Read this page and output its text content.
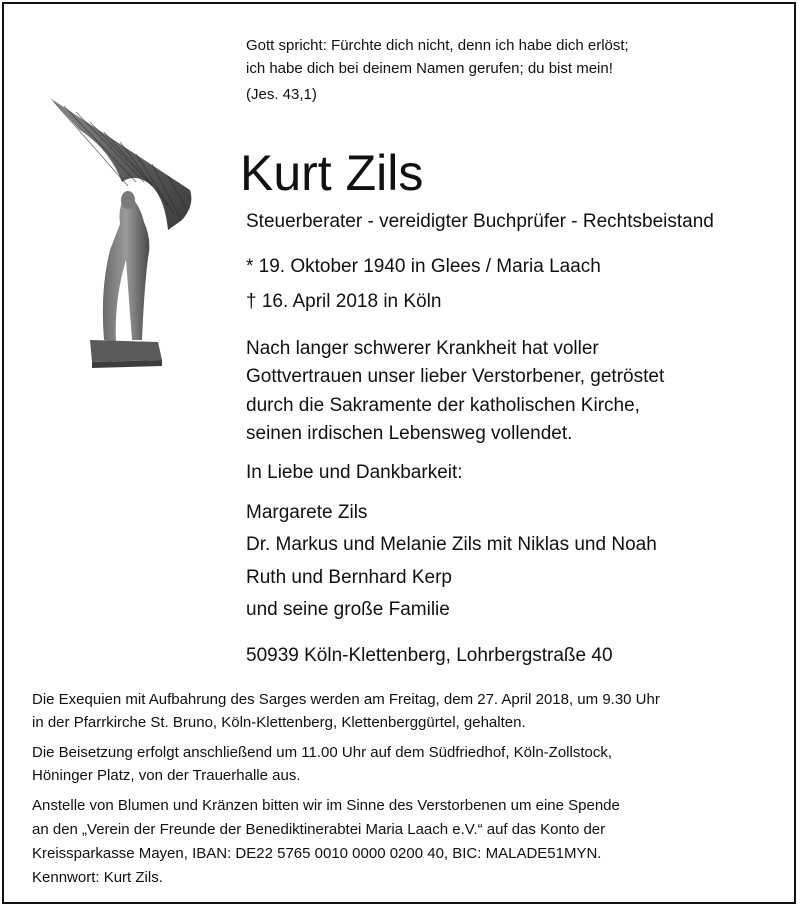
Gott spricht: Fürchte dich nicht, denn ich habe dich erlöst;
ich habe dich bei deinem Namen gerufen; du bist mein!
(Jes. 43,1)
Kurt Zils
Steuerberater - vereidigter Buchprüfer - Rechtsbeistand
* 19. Oktober 1940 in Glees / Maria Laach
† 16. April 2018 in Köln
Nach langer schwerer Krankheit hat voller
Gottvertrauen unser lieber Verstorbener, getröstet
durch die Sakramente der katholischen Kirche,
seinen irdischen Lebensweg vollendet.
In Liebe und Dankbarkeit:
Margarete Zils
Dr. Markus und Melanie Zils mit Niklas und Noah
Ruth und Bernhard Kerp
und seine große Familie
50939 Köln-Klettenberg, Lohrbergstraße 40
Die Exequien mit Aufbahrung des Sarges werden am Freitag, dem 27. April 2018, um 9.30 Uhr
in der Pfarrkirche St. Bruno, Köln-Klettenberg, Klettenberggürtel, gehalten.
Die Beisetzung erfolgt anschließend um 11.00 Uhr auf dem Südfriedhof, Köln-Zollstock,
Höninger Platz, von der Trauerhalle aus.
Anstelle von Blumen und Kränzen bitten wir im Sinne des Verstorbenen um eine Spende
an den „Verein der Freunde der Benediktinerabtei Maria Laach e.V.“ auf das Konto der
Kreissparkasse Mayen, IBAN: DE22 5765 0010 0000 0200 40, BIC: MALADE51MYN.
Kennwort: Kurt Zils.
